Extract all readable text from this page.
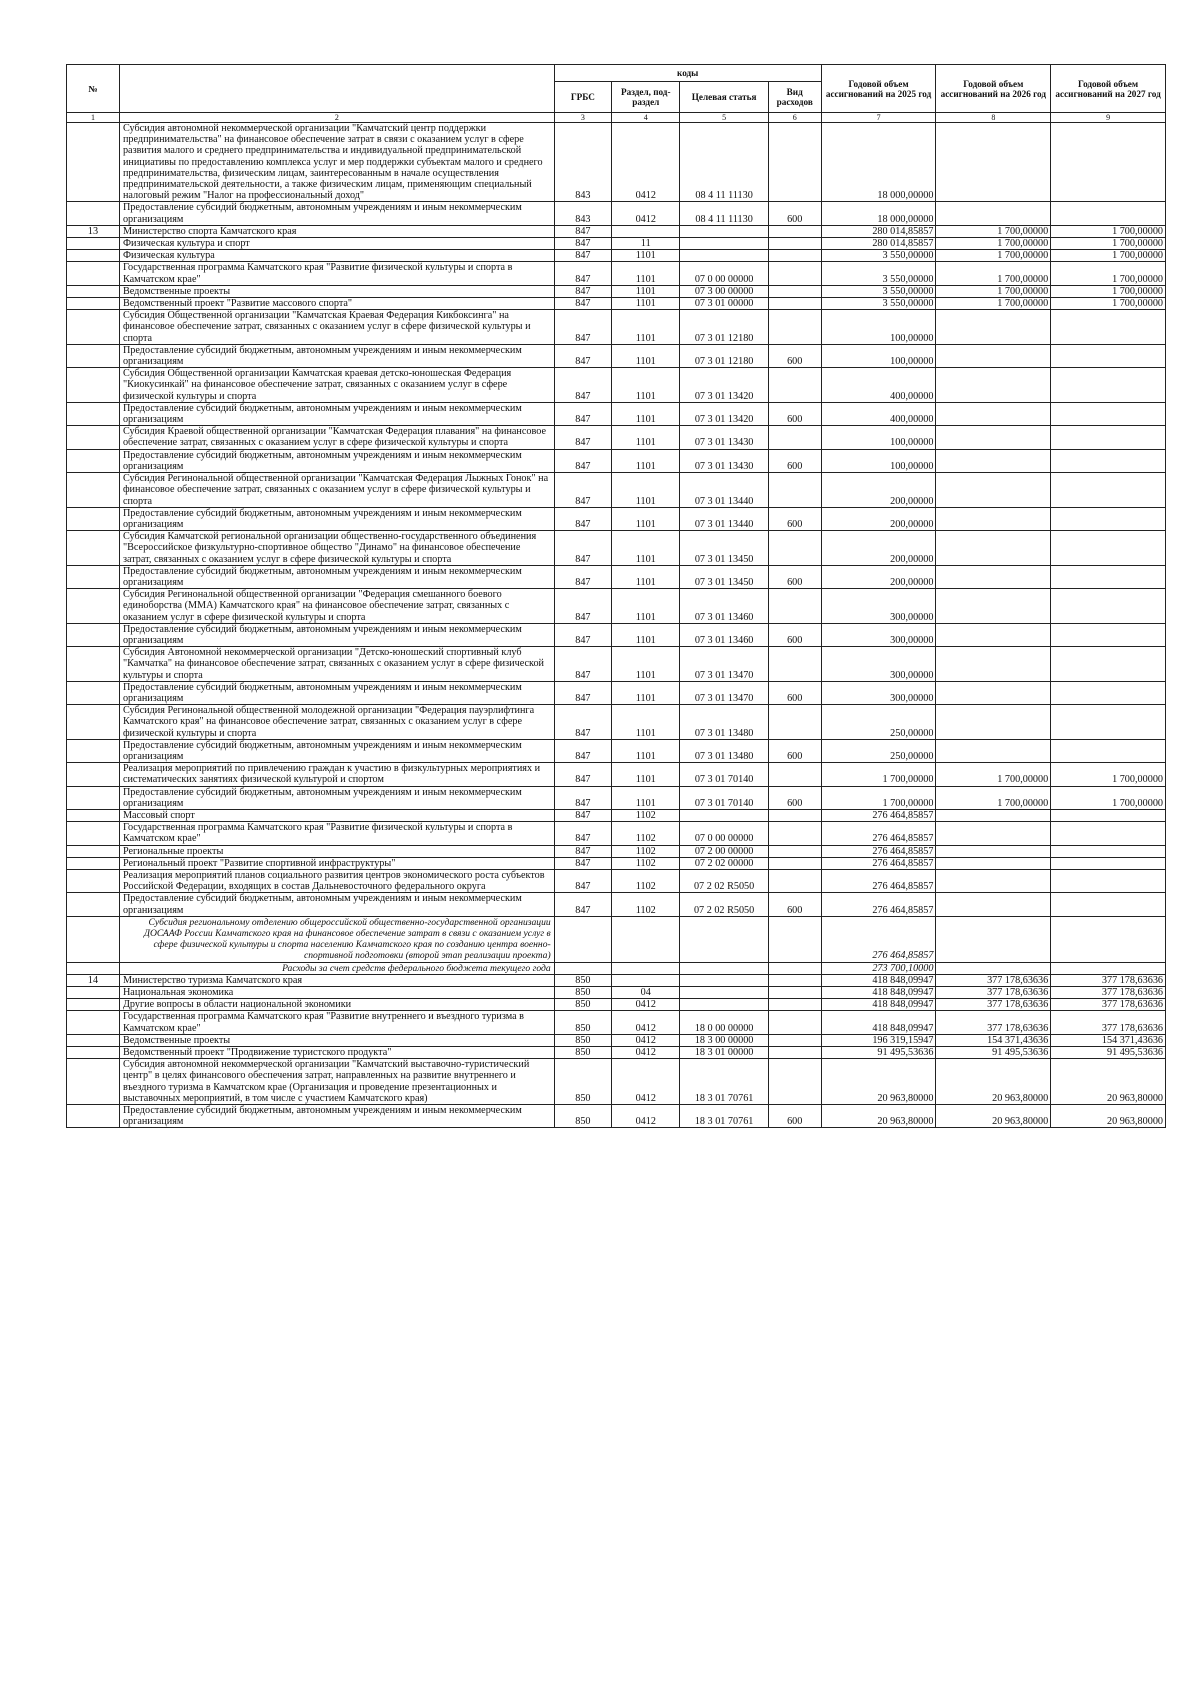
№		коды				Годовой объем ассигнований на 2025 год	Годовой объем ассигнований на 2026 год	Годовой объем ассигнований на 2027 год
		ГРБС	Раздел, под-раздел	Целевая статья	Вид расходов			
1	2	3	4	5	6	7	8	9
	Субсидия автономной некоммерческой организации "Камчатский центр поддержки предпринимательства" на финансовое обеспечение затрат в связи с оказанием услуг в сфере развития малого и среднего предпринимательства и индивидуальной предпринимательской инициативы по предоставлению комплекса услуг и мер поддержки субъектам малого и среднего предпринимательства, физическим лицам, заинтересованным в начале осуществления предпринимательской деятельности, а также физическим лицам, применяющим специальный налоговый режим "Налог на профессиональный доход"	843	0412	08 4 11 11130		18 000,00000		
	Предоставление субсидий бюджетным, автономным учреждениям и иным некоммерческим организациям	843	0412	08 4 11 11130	600	18 000,00000		
13	Министерство спорта Камчатского края	847				280 014,85857	1 700,00000	1 700,00000
	Физическая культура и спорт	847	11			280 014,85857	1 700,00000	1 700,00000
	Физическая культура	847	1101			3 550,00000	1 700,00000	1 700,00000
	Государственная программа Камчатского края "Развитие физической культуры и спорта в Камчатском крае"	847	1101	07 0 00 00000		3 550,00000	1 700,00000	1 700,00000
	Ведомственные проекты	847	1101	07 3 00 00000		3 550,00000	1 700,00000	1 700,00000
	Ведомственный проект "Развитие массового спорта"	847	1101	07 3 01 00000		3 550,00000	1 700,00000	1 700,00000
	Субсидия Общественной организации "Камчатская Краевая Федерация Кикбоксинга" на финансовое обеспечение затрат, связанных с оказанием услуг в сфере физической культуры и спорта	847	1101	07 3 01 12180		100,00000		
	Предоставление субсидий бюджетным, автономным учреждениям и иным некоммерческим организациям	847	1101	07 3 01 12180	600	100,00000		
	Субсидия Общественной организации Камчатская краевая детско-юношеская Федерация "Киокусинкай" на финансовое обеспечение затрат, связанных с оказанием услуг в сфере физической культуры и спорта	847	1101	07 3 01 13420		400,00000		
	Предоставление субсидий бюджетным, автономным учреждениям и иным некоммерческим организациям	847	1101	07 3 01 13420	600	400,00000		
	Субсидия Краевой общественной организации "Камчатская Федерация плавания" на финансовое обеспечение затрат, связанных с оказанием услуг в сфере физической культуры и спорта	847	1101	07 3 01 13430		100,00000		
	Предоставление субсидий бюджетным, автономным учреждениям и иным некоммерческим организациям	847	1101	07 3 01 13430	600	100,00000		
	Субсидия Регинональной общественной организации "Камчатская Федерация Лыжных Гонок" на финансовое обеспечение затрат, связанных с оказанием услуг в сфере физической культуры и спорта	847	1101	07 3 01 13440		200,00000		
	Предоставление субсидий бюджетным, автономным учреждениям и иным некоммерческим организациям	847	1101	07 3 01 13440	600	200,00000		
	Субсидия Камчатской региональной организации общественно-государственного объединения "Всероссийское физкультурно-спортивное общество "Динамо" на финансовое обеспечение затрат, связанных с оказанием услуг в сфере физической культуры и спорта	847	1101	07 3 01 13450		200,00000		
	Предоставление субсидий бюджетным, автономным учреждениям и иным некоммерческим организациям	847	1101	07 3 01 13450	600	200,00000		
	Субсидия Регинональной общественной организации "Федерация смешанного боевого единоборства (ММА) Камчатского края" на финансовое обеспечение затрат, связанных с оказанием услуг в сфере физической культуры и спорта	847	1101	07 3 01 13460		300,00000		
	Предоставление субсидий бюджетным, автономным учреждениям и иным некоммерческим организациям	847	1101	07 3 01 13460	600	300,00000		
	Субсидия Автономной некоммерческой организации "Детско-юношеский спортивный клуб "Камчатка" на финансовое обеспечение затрат, связанных с оказанием услуг в сфере физической культуры и спорта	847	1101	07 3 01 13470		300,00000		
	Предоставление субсидий бюджетным, автономным учреждениям и иным некоммерческим организациям	847	1101	07 3 01 13470	600	300,00000		
	Субсидия Регинональной общественной молодежной организации "Федерация пауэрлифтинга Камчатского края" на финансовое обеспечение затрат, связанных с оказанием услуг в сфере физической культуры и спорта	847	1101	07 3 01 13480		250,00000		
	Предоставление субсидий бюджетным, автономным учреждениям и иным некоммерческим организациям	847	1101	07 3 01 13480	600	250,00000		
	Реализация мероприятий по привлечению граждан к участию в физкультурных мероприятиях и систематических занятиях физической культурой и спортом	847	1101	07 3 01 70140		1 700,00000	1 700,00000	1 700,00000
	Предоставление субсидий бюджетным, автономным учреждениям и иным некоммерческим организациям	847	1101	07 3 01 70140	600	1 700,00000	1 700,00000	1 700,00000
	Массовый спорт	847	1102			276 464,85857		
	Государственная программа Камчатского края "Развитие физической культуры и спорта в Камчатском крае"	847	1102	07 0 00 00000		276 464,85857		
	Региональные проекты	847	1102	07 2 00 00000		276 464,85857		
	Региональный проект "Развитие спортивной инфраструктуры"	847	1102	07 2 02 00000		276 464,85857		
	Реализация мероприятий планов социального развития центров экономического роста субъектов Российской Федерации, входящих в состав Дальневосточного федерального округа	847	1102	07 2 02 R5050		276 464,85857		
	Предоставление субсидий бюджетным, автономным учреждениям и иным некоммерческим организациям	847	1102	07 2 02 R5050	600	276 464,85857		
	Субсидия региональному отделению общероссийской общественно-государственной организации ДОСААФ России Камчатского края на финансовое обеспечение затрат в связи с оказанием услуг в сфере физической культуры и спорта населению Камчатского края по созданию центра военно-спортивной подготовки (второй этап реализации проекта)					276 464,85857		
	Расходы за счет средств федерального бюджета текущего года					273 700,10000		
14	Министерство туризма Камчатского края	850				418 848,09947	377 178,63636	377 178,63636
	Национальная экономика	850	04			418 848,09947	377 178,63636	377 178,63636
	Другие вопросы в области национальной экономики	850	0412			418 848,09947	377 178,63636	377 178,63636
	Государственная программа Камчатского края "Развитие внутреннего и въездного туризма в Камчатском крае"	850	0412	18 0 00 00000		418 848,09947	377 178,63636	377 178,63636
	Ведомственные проекты	850	0412	18 3 00 00000		196 319,15947	154 371,43636	154 371,43636
	Ведомственный проект "Продвижение туристского продукта"	850	0412	18 3 01 00000		91 495,53636	91 495,53636	91 495,53636
	Субсидия автономной некоммерческой организации "Камчатский выставочно-туристический центр" в целях финансового обеспечения затрат, направленных на развитие внутреннего и въездного туризма в Камчатском крае (Организация и проведение презентационных и выставочных мероприятий, в том числе с участием Камчатского края)	850	0412	18 3 01 70761		20 963,80000	20 963,80000	20 963,80000
	Предоставление субсидий бюджетным, автономным учреждениям и иным некоммерческим организациям	850	0412	18 3 01 70761	600	20 963,80000	20 963,80000	20 963,80000
